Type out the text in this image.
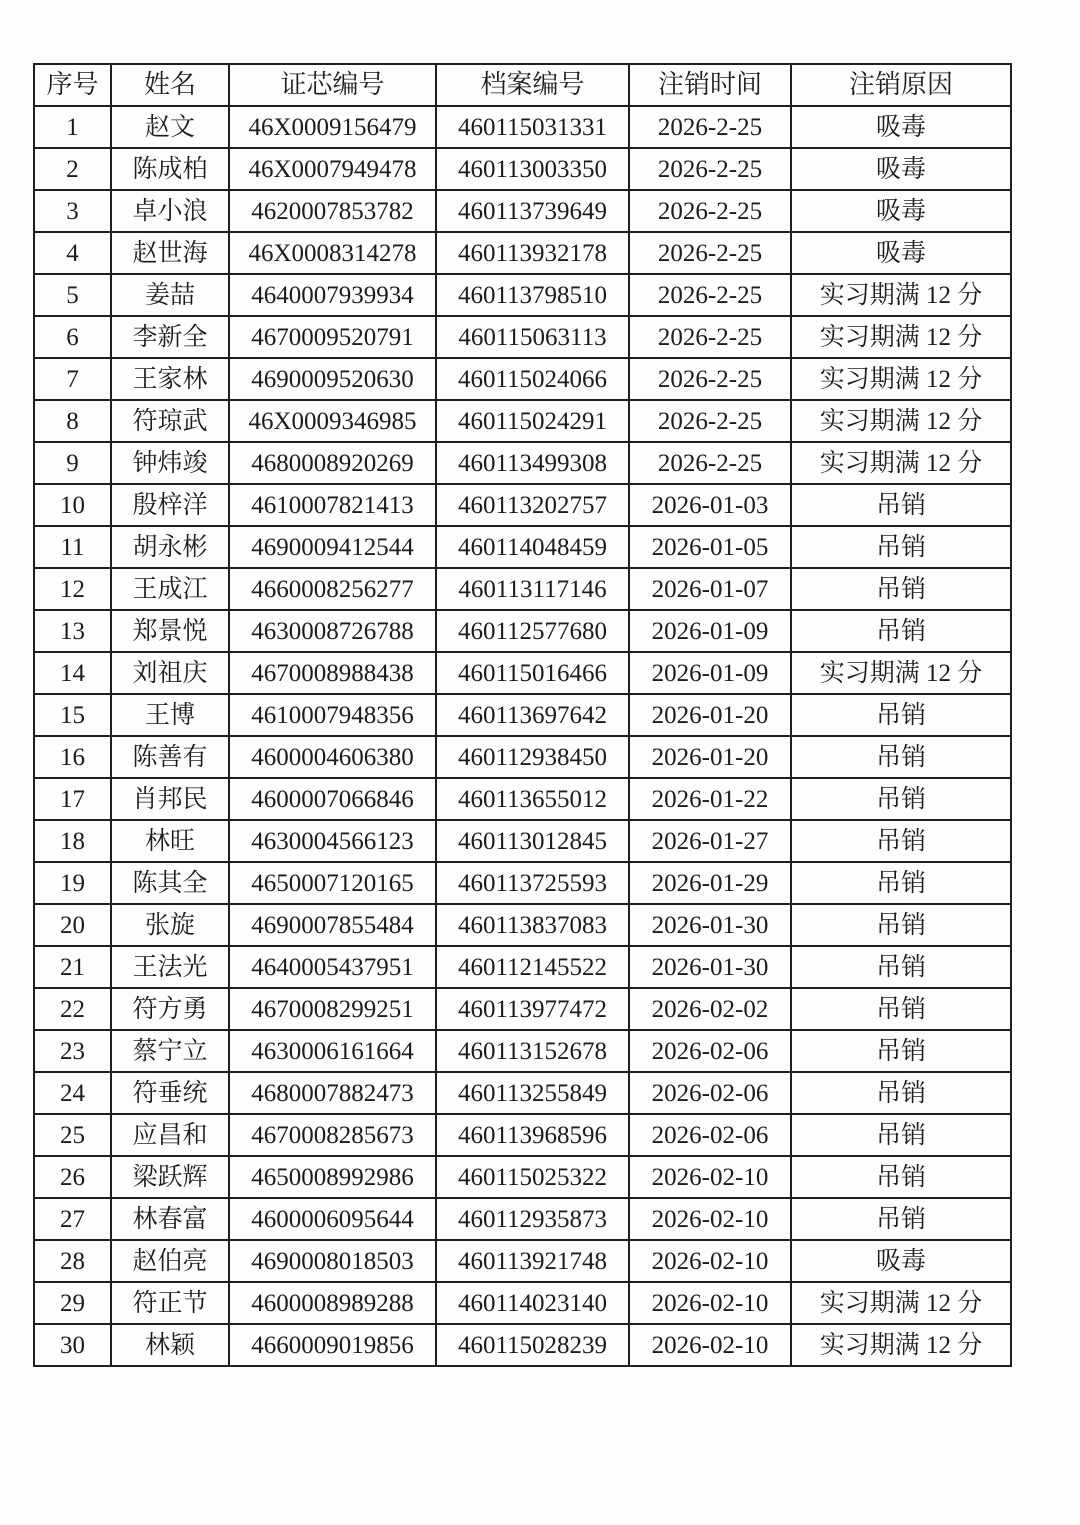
序号	姓名	证芯编号	档案编号	注销时间	注销原因
1	赵文	46X0009156479	460115031331	2026-2-25	吸毒
2	陈成柏	46X0007949478	460113003350	2026-2-25	吸毒
3	卓小浪	4620007853782	460113739649	2026-2-25	吸毒
4	赵世海	46X0008314278	460113932178	2026-2-25	吸毒
5	姜喆	4640007939934	460113798510	2026-2-25	实习期满 12 分
6	李新全	4670009520791	460115063113	2026-2-25	实习期满 12 分
7	王家林	4690009520630	460115024066	2026-2-25	实习期满 12 分
8	符琼武	46X0009346985	460115024291	2026-2-25	实习期满 12 分
9	钟炜竣	4680008920269	460113499308	2026-2-25	实习期满 12 分
10	殷梓洋	4610007821413	460113202757	2026-01-03	吊销
11	胡永彬	4690009412544	460114048459	2026-01-05	吊销
12	王成江	4660008256277	460113117146	2026-01-07	吊销
13	郑景悦	4630008726788	460112577680	2026-01-09	吊销
14	刘祖庆	4670008988438	460115016466	2026-01-09	实习期满 12 分
15	王博	4610007948356	460113697642	2026-01-20	吊销
16	陈善有	4600004606380	460112938450	2026-01-20	吊销
17	肖邦民	4600007066846	460113655012	2026-01-22	吊销
18	林旺	4630004566123	460113012845	2026-01-27	吊销
19	陈其全	4650007120165	460113725593	2026-01-29	吊销
20	张旋	4690007855484	460113837083	2026-01-30	吊销
21	王法光	4640005437951	460112145522	2026-01-30	吊销
22	符方勇	4670008299251	460113977472	2026-02-02	吊销
23	蔡宁立	4630006161664	460113152678	2026-02-06	吊销
24	符垂统	4680007882473	460113255849	2026-02-06	吊销
25	应昌和	4670008285673	460113968596	2026-02-06	吊销
26	梁跃辉	4650008992986	460115025322	2026-02-10	吊销
27	林春富	4600006095644	460112935873	2026-02-10	吊销
28	赵伯亮	4690008018503	460113921748	2026-02-10	吸毒
29	符正节	4600008989288	460114023140	2026-02-10	实习期满 12 分
30	林颖	4660009019856	460115028239	2026-02-10	实习期满 12 分
